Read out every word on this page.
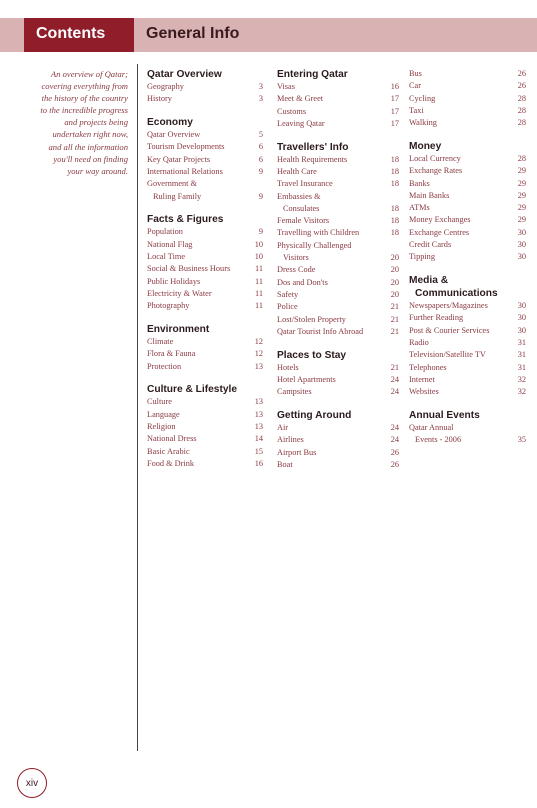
Contents	General Info
An overview of Qatar;
covering everything from
the history of the country
to the incredible progress
and projects being
undertaken right now,
and all the information
you'll need on finding
your way around.
Qatar Overview
Geography	3
History	3
Economy
Qatar Overview	5
Tourism Developments	6
Key Qatar Projects	6
International Relations	9
Government &
Ruling Family	9
Facts & Figures
Population	9
National Flag	10
Local Time	10
Social & Business Hours	11
Public Holidays	11
Electricity & Water	11
Photography	11
Environment
Climate	12
Flora & Fauna	12
Protection	13
Culture & Lifestyle
Culture	13
Language	13
Religion	13
National Dress	14
Basic Arabic	15
Food & Drink	16
Entering Qatar
Visas	16
Meet & Greet	17
Customs	17
Leaving Qatar	17
Travellers' Info
Health Requirements	18
Health Care	18
Travel Insurance	18
Embassies &
Consulates	18
Female Visitors	18
Travelling with Children	18
Physically Challenged
Visitors	20
Dress Code	20
Dos and Don'ts	20
Safety	20
Police	21
Lost/Stolen Property	21
Qatar Tourist Info Abroad	21
Places to Stay
Hotels	21
Hotel Apartments	24
Campsites	24
Getting Around
Air	24
Airlines	24
Airport Bus	26
Boat	26
Bus	26
Car	26
Cycling	28
Taxi	28
Walking	28
Money
Local Currency	28
Exchange Rates	29
Banks	29
Main Banks	29
ATMs	29
Money Exchanges	29
Exchange Centres	30
Credit Cards	30
Tipping	30
Media &
Communications
Newspapers/Magazines	30
Further Reading	30
Post & Courier Services	30
Radio	31
Television/Satellite TV	31
Telephones	31
Internet	32
Websites	32
Annual Events
Qatar Annual
Events - 2006	35
xiv
